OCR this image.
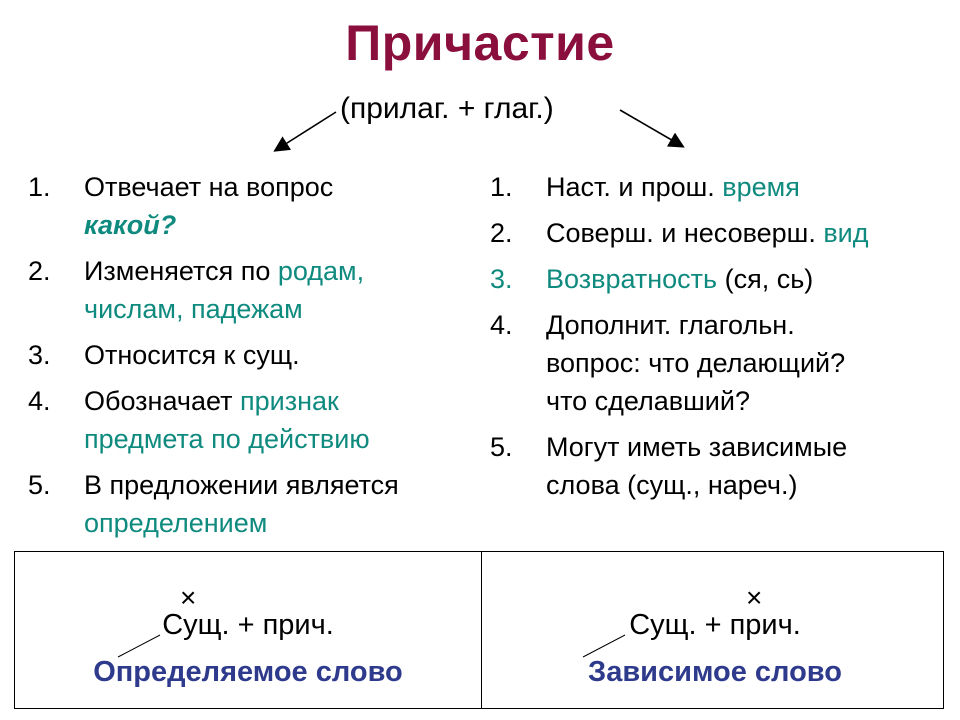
Причастие
(прилаг. + глаг.)
1. Отвечает на вопрос
какой?
2. Изменяется по родам,
числам, падежам
3. Относится к сущ.
4. Обозначает признак
предмета по действию
5. В предложении является
определением
1. Наст. и прош. время
2. Соверш. и несоверш. вид
3. Возвратность (ся, сь)
4. Дополнит. глагольн.
вопрос: что делающий?
что сделавший?
5. Могут иметь зависимые
слова (сущ., нареч.)
×
Сущ. + прич.
Определяемое слово
×
Сущ. + прич.
Зависимое слово
